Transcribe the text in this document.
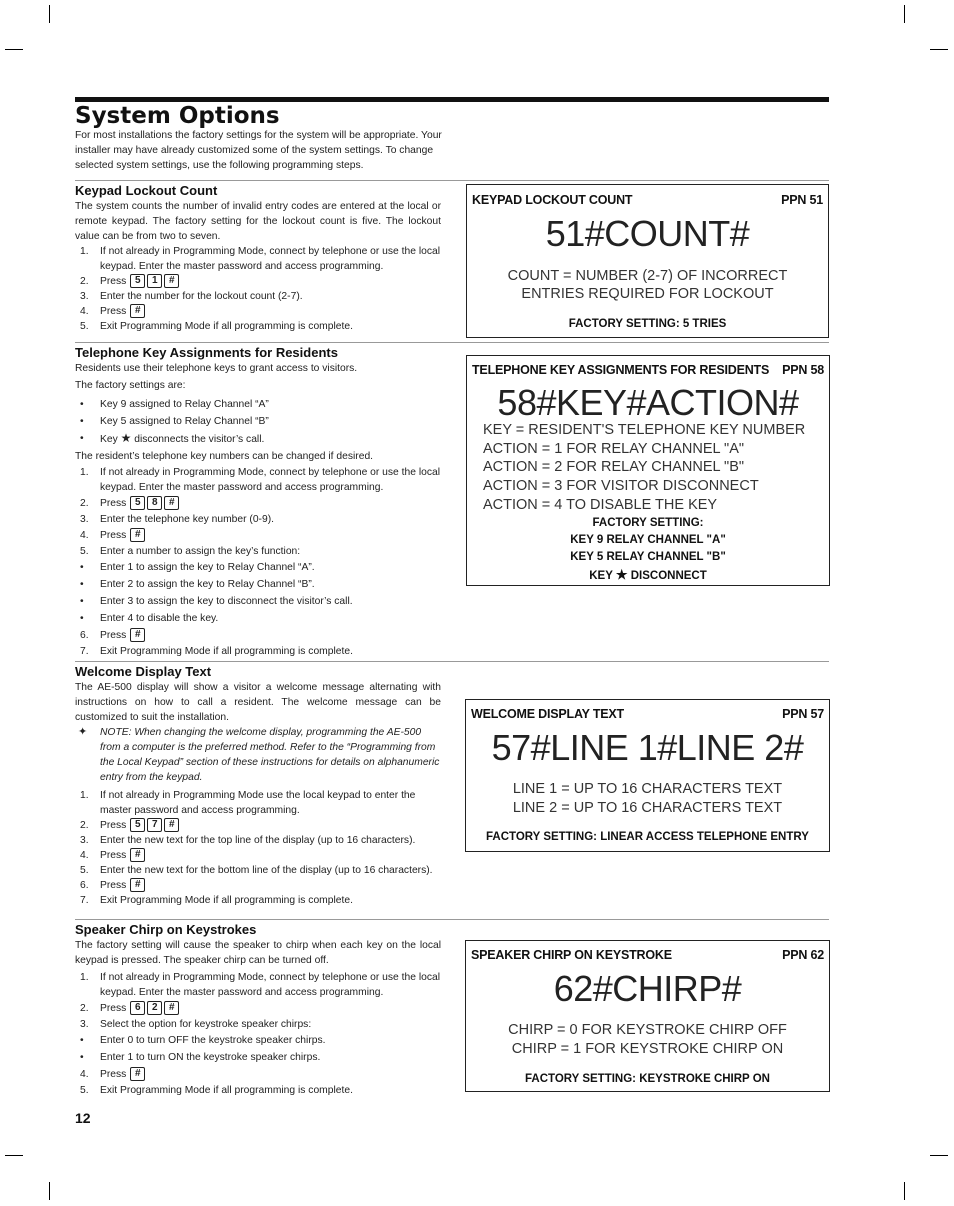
System Options
For most installations the factory settings for the system will be appropriate. Your installer may have already customized some of the system settings. To change selected system settings, use the following programming steps.
Keypad Lockout Count

The system counts the number of invalid entry codes are entered at the local or remote keypad. The factory setting for the lockout count is five. The lockout value can be from two to seven.

1. If not already in Programming Mode, connect by telephone or use the local keypad. Enter the master password and access programming.
2. Press 5 1 #
3. Enter the number for the lockout count (2-7).
4. Press #
5. Exit Programming Mode if all programming is complete.
KEYPAD LOCKOUT COUNT	PPN 51
51#COUNT#
COUNT = NUMBER (2-7) OF INCORRECT
ENTRIES REQUIRED FOR LOCKOUT
FACTORY SETTING: 5 TRIES
Telephone Key Assignments for Residents

Residents use their telephone keys to grant access to visitors.

The factory settings are:

• Key 9 assigned to Relay Channel “A”
• Key 5 assigned to Relay Channel “B”
• Key ★ disconnects the visitor’s call.

The resident’s telephone key numbers can be changed if desired.

1. If not already in Programming Mode, connect by telephone or use the local keypad. Enter the master password and access programming.
2. Press 5 8 #
3. Enter the telephone key number (0-9).
4. Press #
5. Enter a number to assign the key’s function:
• Enter 1 to assign the key to Relay Channel “A”.
• Enter 2 to assign the key to Relay Channel “B”.
• Enter 3 to assign the key to disconnect the visitor’s call.
• Enter 4 to disable the key.
6. Press #
7. Exit Programming Mode if all programming is complete.
TELEPHONE KEY ASSIGNMENTS FOR RESIDENTS PPN 58
58#KEY#ACTION#
KEY = RESIDENT'S TELEPHONE KEY NUMBER
ACTION = 1 FOR RELAY CHANNEL "A"
ACTION = 2 FOR RELAY CHANNEL "B"
ACTION = 3 FOR VISITOR DISCONNECT
ACTION = 4 TO DISABLE THE KEY
FACTORY SETTING:
KEY 9 RELAY CHANNEL "A"
KEY 5 RELAY CHANNEL "B"
KEY ★ DISCONNECT
Welcome Display Text

The AE-500 display will show a visitor a welcome message alternating with instructions on how to call a resident. The welcome message can be customized to suit the installation.

✦ NOTE: When changing the welcome display, programming the AE-500 from a computer is the preferred method. Refer to the “Programming from the Local Keypad” section of these instructions for details on alphanumeric entry from the keypad.
1. If not already in Programming Mode use the local keypad to enter the master password and access programming.
2. Press 5 7 #
3. Enter the new text for the top line of the display (up to 16 characters).
4. Press #
5. Enter the new text for the bottom line of the display (up to 16 characters).
6. Press #
7. Exit Programming Mode if all programming is complete.
WELCOME DISPLAY TEXT	PPN 57
57#LINE 1#LINE 2#
LINE 1 = UP TO 16 CHARACTERS TEXT
LINE 2 = UP TO 16 CHARACTERS TEXT
FACTORY SETTING: LINEAR ACCESS TELEPHONE ENTRY
Speaker Chirp on Keystrokes

The factory setting will cause the speaker to chirp when each key on the local keypad is pressed. The speaker chirp can be turned off.

1. If not already in Programming Mode, connect by telephone or use the local keypad. Enter the master password and access programming.
2. Press 6 2 #
3. Select the option for keystroke speaker chirps:
• Enter 0 to turn OFF the keystroke speaker chirps.
• Enter 1 to turn ON the keystroke speaker chirps.
4. Press #
5. Exit Programming Mode if all programming is complete.
SPEAKER CHIRP ON KEYSTROKE	PPN 62
62#CHIRP#
CHIRP = 0 FOR KEYSTROKE CHIRP OFF
CHIRP = 1 FOR KEYSTROKE CHIRP ON
FACTORY SETTING: KEYSTROKE CHIRP ON
12
